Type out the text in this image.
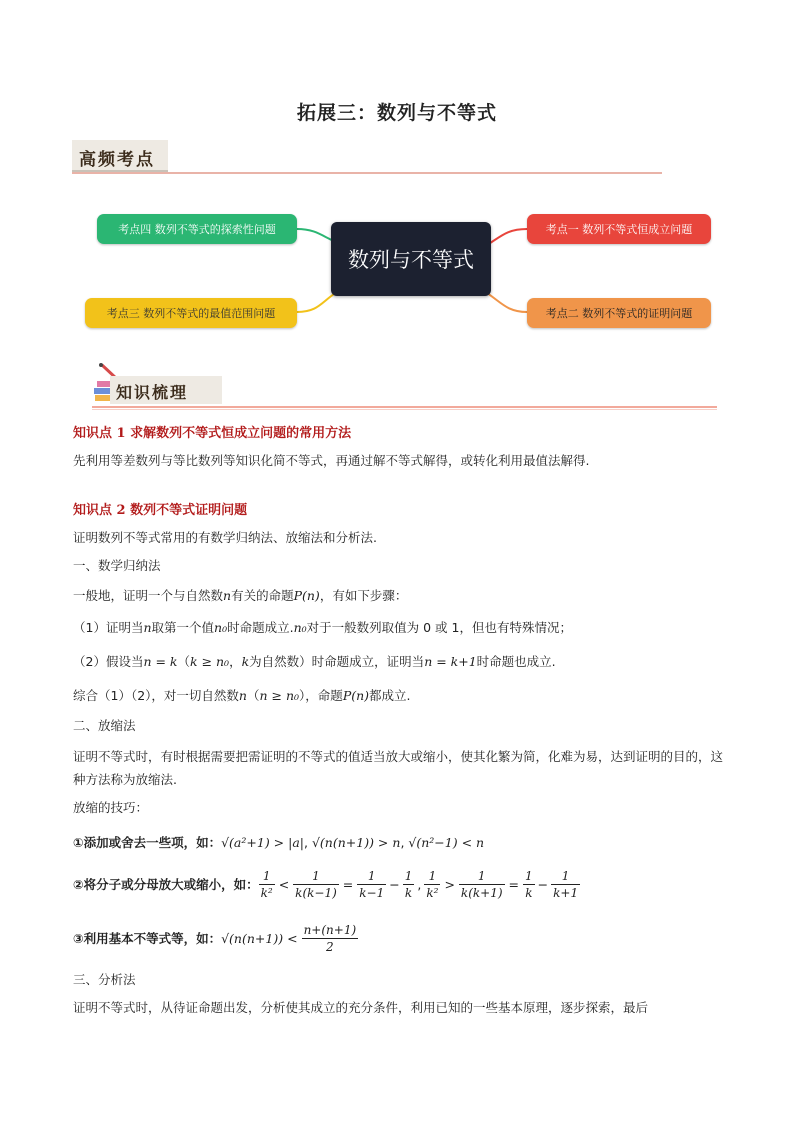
拓展三：数列与不等式
高频考点
考点四 数列不等式的探索性问题
考点三 数列不等式的最值范围问题
考点一 数列不等式恒成立问题
考点二 数列不等式的证明问题
数列与不等式
知识梳理
知识点 1 求解数列不等式恒成立问题的常用方法
先利用等差数列与等比数列等知识化简不等式，再通过解不等式解得，或转化利用最值法解得.
知识点 2 数列不等式证明问题
证明数列不等式常用的有数学归纳法、放缩法和分析法.
一、数学归纳法
一般地，证明一个与自然数n有关的命题P(n)，有如下步骤：
（1）证明当n取第一个值n₀时命题成立.n₀对于一般数列取值为 0 或 1，但也有特殊情况；
（2）假设当n = k（k ≥ n₀，k为自然数）时命题成立，证明当n = k+1时命题也成立.
综合（1）（2），对一切自然数n（n ≥ n₀），命题P(n)都成立.
二、放缩法
证明不等式时，有时根据需要把需证明的不等式的值适当放大或缩小，使其化繁为简，化难为易，达到证明的目的，这种方法称为放缩法.
放缩的技巧：
①添加或舍去一些项，如：√(a²+1) > |a|, √(n(n+1)) > n, √(n²−1) < n
②将分子或分母放大或缩小，如： $\frac{1}{\text{k²}} < \frac{1}{k(k-1)} = \frac{1}{k-1} - \frac{1}{k}$ , $\frac{1}{\text{k²}} > \frac{1}{k(k+1)} = \frac{1}{k} - \frac{1}{k+1}$
③利用基本不等式等，如： $√(n(n+1)) < \frac{n+(n+1)}{2}$
三、分析法
证明不等式时，从待证命题出发，分析使其成立的充分条件，利用已知的一些基本原理，逐步探索，最后
